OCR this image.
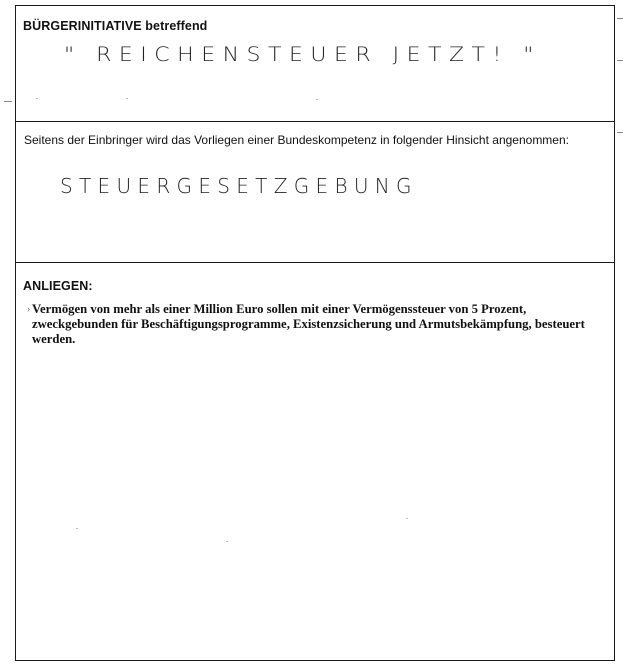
BÜRGERINITIATIVE betreffend
" REICHENSTEUER JETZT! "
Seitens der Einbringer wird das Vorliegen einer Bundeskompetenz in folgender Hinsicht angenommen:
STEUERGESETZGEBUNG
ANLIEGEN:
› Vermögen von mehr als einer Million Euro sollen mit einer Vermögenssteuer von 5 Prozent, zweckgebunden für Beschäftigungsprogramme, Existenzsicherung und Armutsbekämpfung, besteuert werden.
